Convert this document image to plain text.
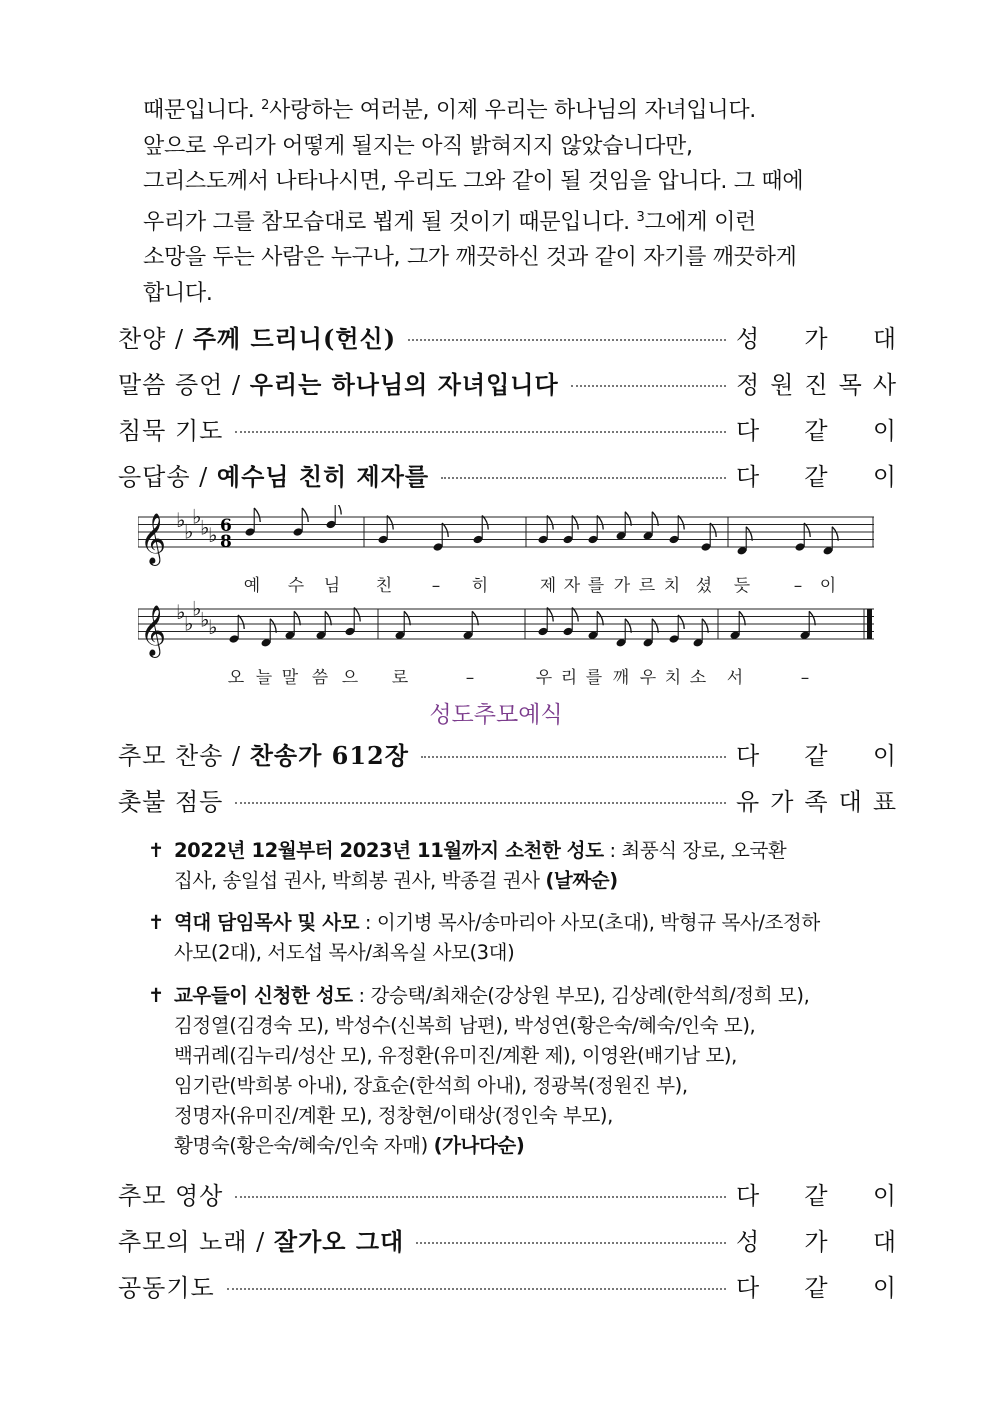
때문입니다. $^2$사랑하는 여러분, 이제 우리는 하나님의 자녀입니다.
앞으로 우리가 어떻게 될지는 아직 밝혀지지 않았습니다만,
그리스도께서 나타나시면, 우리도 그와 같이 될 것임을 압니다. 그 때에
우리가 그를 참모습대로 뵙게 될 것이기 때문입니다. $^3$그에게 이런
소망을 두는 사람은 누구나, 그가 깨끗하신 것과 같이 자기를 깨끗하게
합니다.
찬양 / 주께 드리니(헌신)	성 가 대
말씀 증언 / 우리는 하나님의 자녀입니다	정 원 진 목 사
침묵 기도	다 같 이
응답송 / 예수님 친히 제자를	다 같 이
𝄞 ♭
♭
♭
♭
♭ 6
8
예 수 님 친 – 히	제 자 를 가 르 치 셨 듯	– 이
𝄞 ♭
♭
♭
♭
♭
오 늘 말 씀 으 로	–	우 리 를 깨 우 치 소 서	–
성도추모예식
추모 찬송 / 찬송가 612장	다 같 이
촛불 점등	유 가 족 대 표
✝ 2022년 12월부터 2023년 11월까지 소천한 성도 : 최풍식 장로, 오국환
집사, 송일섭 권사, 박희봉 권사, 박종걸 권사 (날짜순)
✝ 역대 담임목사 및 사모 : 이기병 목사/송마리아 사모(초대), 박형규 목사/조정하
사모(2대), 서도섭 목사/최옥실 사모(3대)
✝ 교우들이 신청한 성도 : 강승택/최채순(강상원 부모), 김상례(한석희/정희 모),
김정열(김경숙 모), 박성수(신복희 남편), 박성연(황은숙/혜숙/인숙 모),
백귀례(김누리/성산 모), 유정환(유미진/계환 제), 이영완(배기남 모),
임기란(박희봉 아내), 장효순(한석희 아내), 정광복(정원진 부),
정명자(유미진/계환 모), 정창현/이태상(정인숙 부모),
황명숙(황은숙/혜숙/인숙 자매) (가나다순)
추모 영상	다 같 이
추모의 노래 / 잘가오 그대	성 가 대
공동기도	다 같 이
